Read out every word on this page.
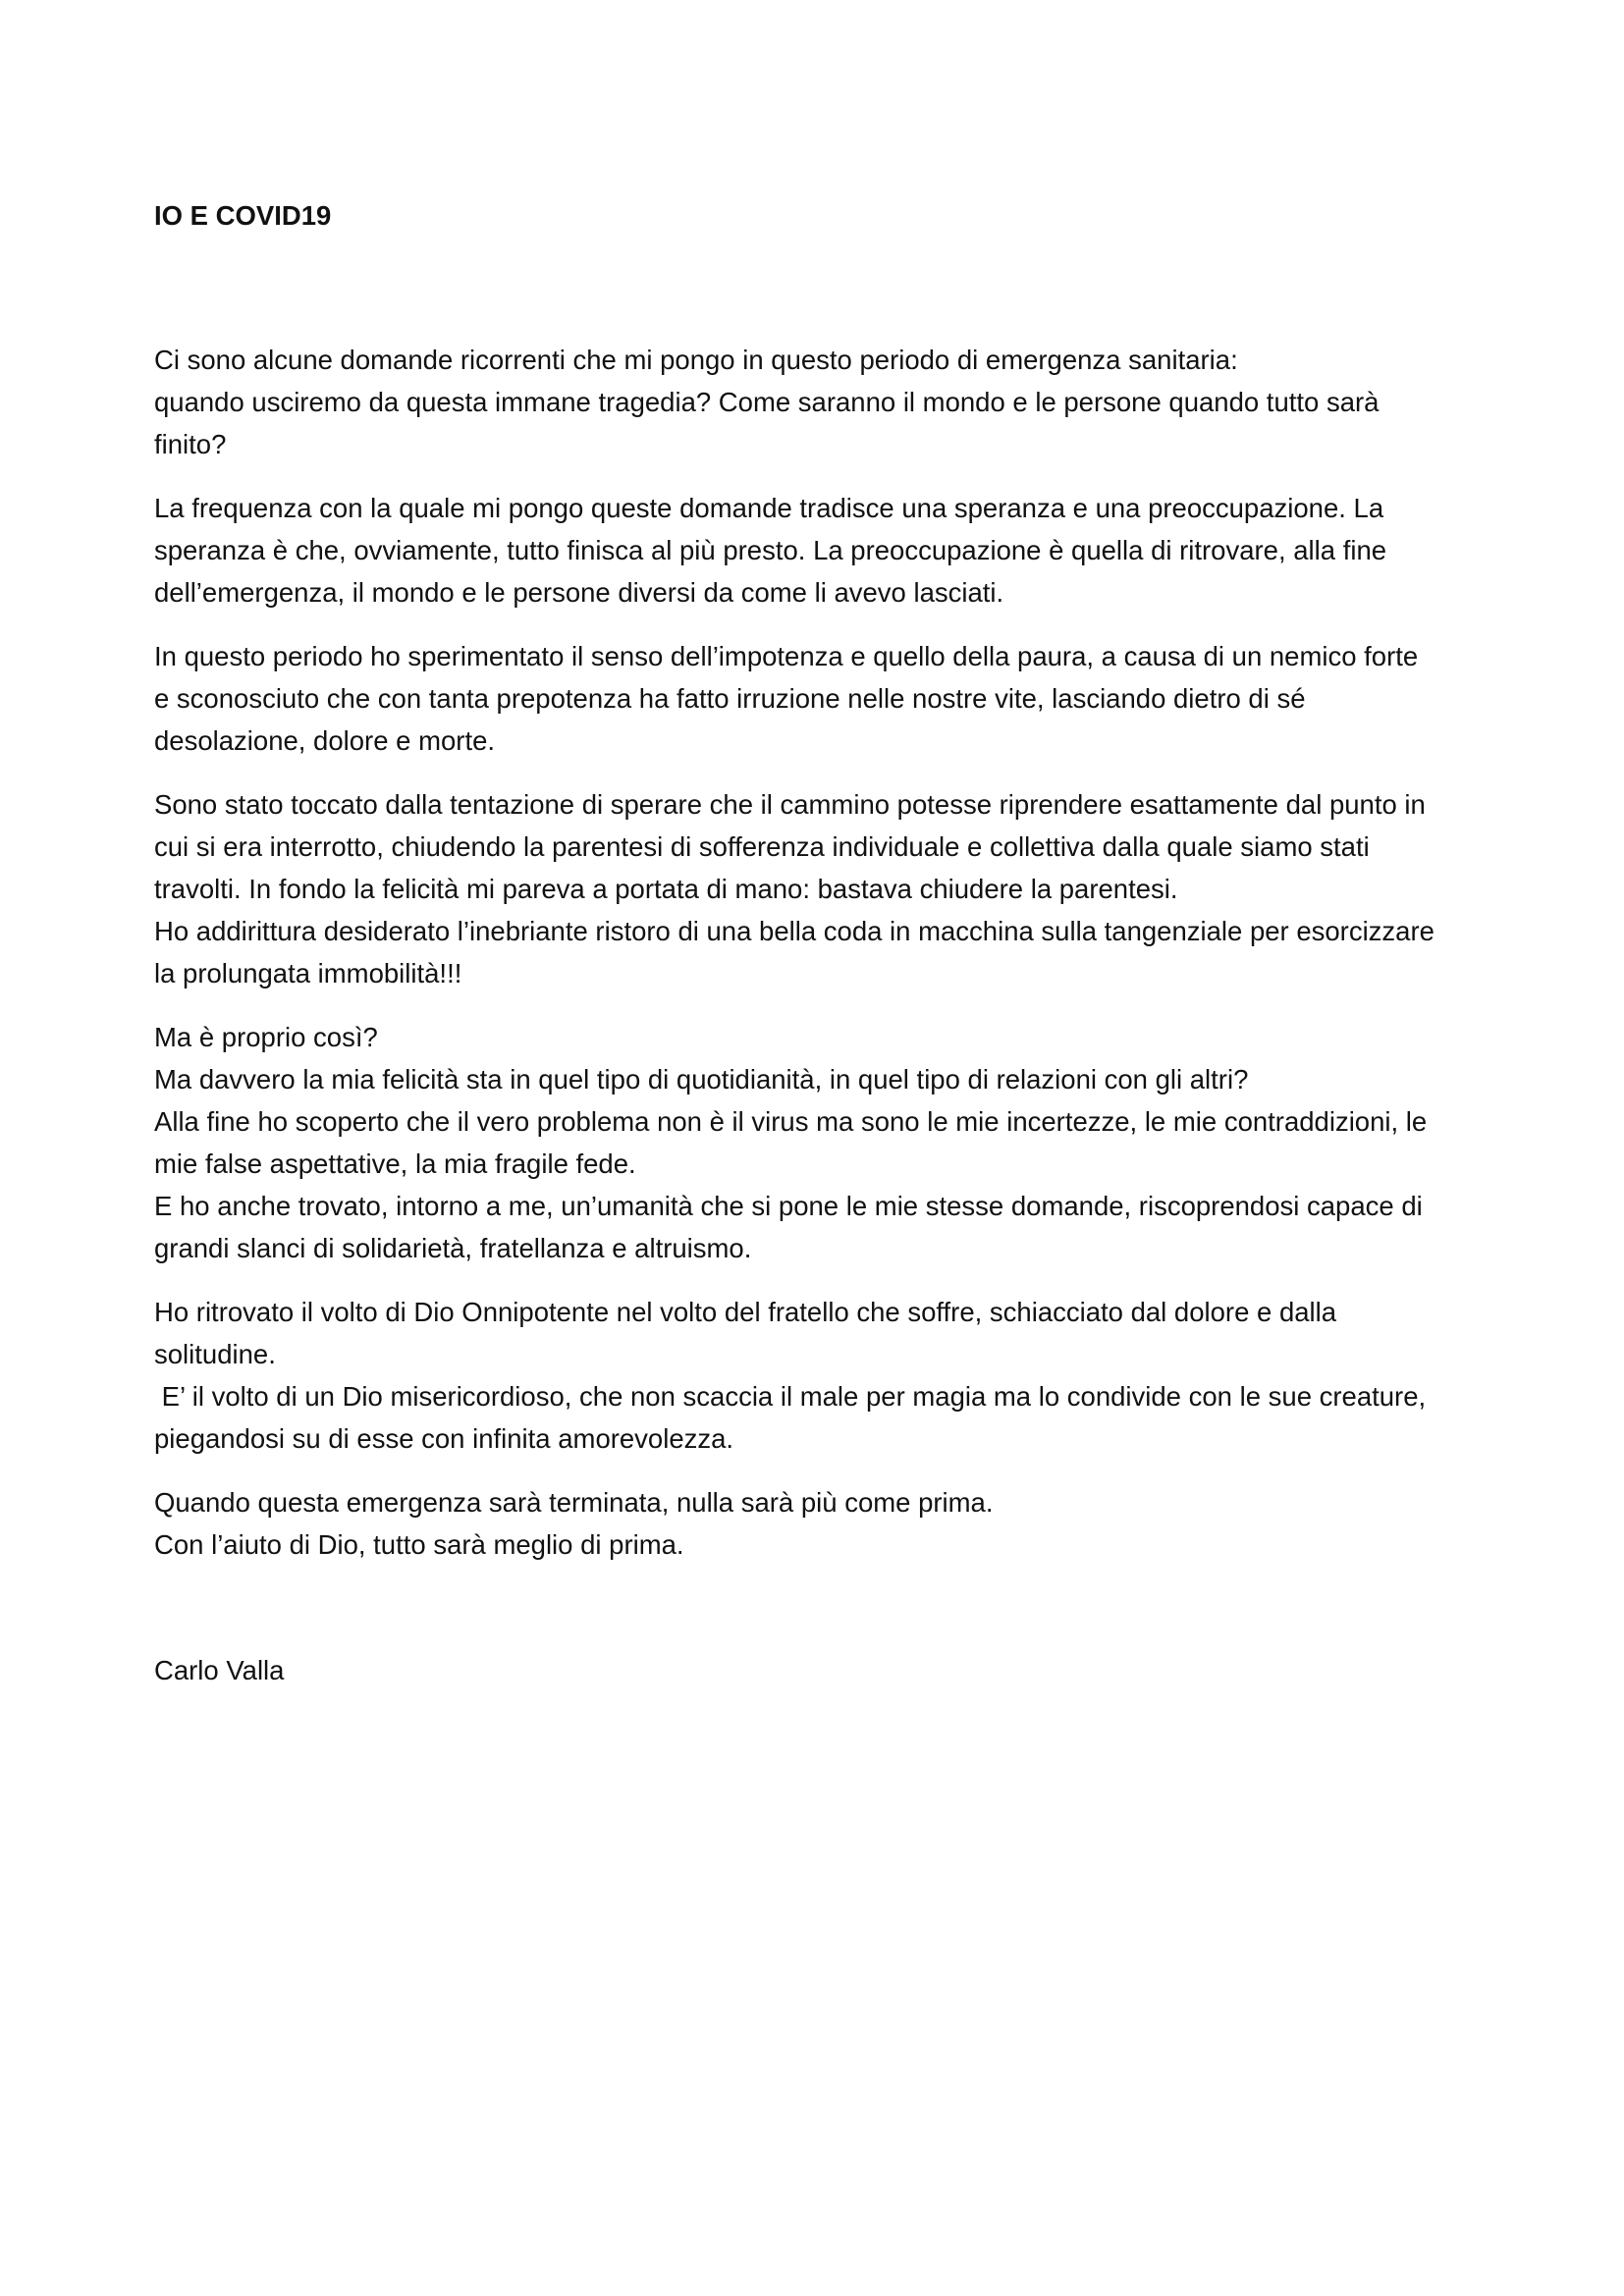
IO E COVID19
Ci sono alcune domande ricorrenti che mi pongo in questo periodo di emergenza sanitaria:
quando usciremo da questa immane tragedia? Come saranno il mondo e le persone quando tutto sarà
finito?
La frequenza con la quale mi pongo queste domande tradisce una speranza e una preoccupazione. La
speranza è che, ovviamente, tutto finisca al più presto. La preoccupazione è quella di ritrovare, alla fine
dell’emergenza, il mondo e le persone diversi da come li avevo lasciati.
In questo periodo ho sperimentato il senso dell’impotenza e quello della paura, a causa di un nemico forte
e sconosciuto che con tanta prepotenza ha fatto irruzione nelle nostre vite, lasciando dietro di sé
desolazione, dolore e morte.
Sono stato toccato dalla tentazione di sperare che il cammino potesse riprendere esattamente dal punto in
cui si era interrotto, chiudendo la parentesi di sofferenza individuale e collettiva dalla quale siamo stati
travolti. In fondo la felicità mi pareva a portata di mano: bastava chiudere la parentesi.
Ho addirittura desiderato l’inebriante ristoro di una bella coda in macchina sulla tangenziale per esorcizzare
la prolungata immobilità!!!
Ma è proprio così?
Ma davvero la mia felicità sta in quel tipo di quotidianità, in quel tipo di relazioni con gli altri?
Alla fine ho scoperto che il vero problema non è il virus ma sono le mie incertezze, le mie contraddizioni, le
mie false aspettative, la mia fragile fede.
E ho anche trovato, intorno a me, un’umanità che si pone le mie stesse domande, riscoprendosi capace di
grandi slanci di solidarietà, fratellanza e altruismo.
Ho ritrovato il volto di Dio Onnipotente nel volto del fratello che soffre, schiacciato dal dolore e dalla
solitudine.
E’ il volto di un Dio misericordioso, che non scaccia il male per magia ma lo condivide con le sue creature,
piegandosi su di esse con infinita amorevolezza.
Quando questa emergenza sarà terminata, nulla sarà più come prima.
Con l’aiuto di Dio, tutto sarà meglio di prima.
Carlo Valla
